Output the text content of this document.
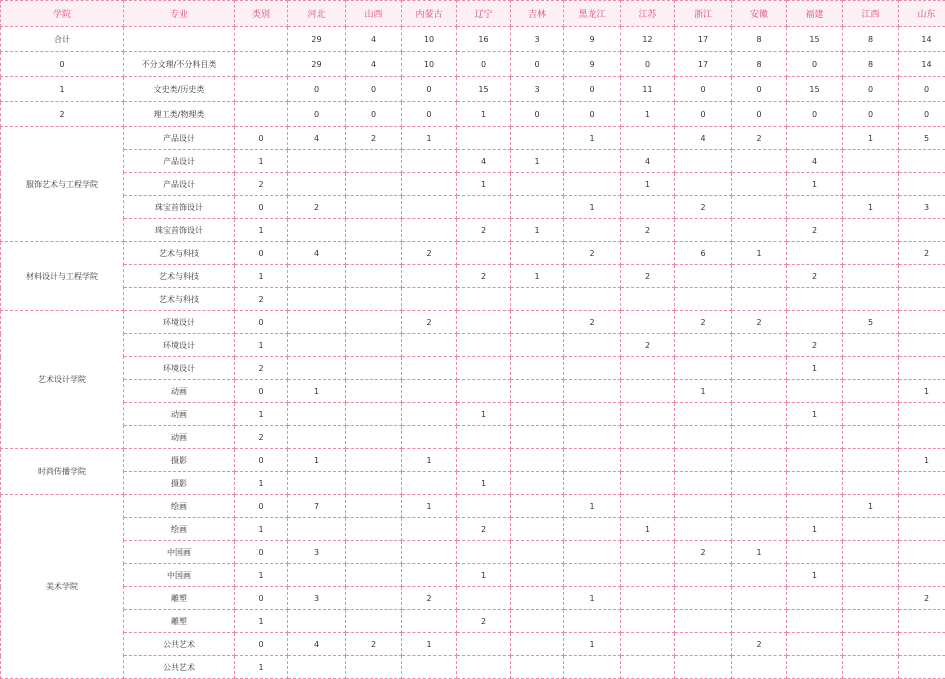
学院	专业	类别	河北	山西	内蒙古	辽宁	吉林	黑龙江	江苏	浙江	安徽	福建	江西	山东
合计			29	4	10	16	3	9	12	17	8	15	8	14
0	不分文理/不分科目类		29	4	10	0	0	9	0	17	8	0	8	14
1	文史类/历史类		0	0	0	15	3	0	11	0	0	15	0	0
2	理工类/物理类		0	0	0	1	0	0	1	0	0	0	0	0
服饰艺术与工程学院	产品设计	0	4	2	1			1		4	2		1	5
	产品设计	1				4	1		4			4		
	产品设计	2				1			1			1		
	珠宝首饰设计	0	2					1		2			1	3
	珠宝首饰设计	1				2	1		2			2		
材料设计与工程学院	艺术与科技	0	4		2			2		6	1			2
	艺术与科技	1				2	1		2			2		
	艺术与科技	2												
艺术设计学院	环境设计	0			2			2		2	2		5	
	环境设计	1							2			2		
	环境设计	2										1		
	动画	0	1							1				1
	动画	1				1						1		
	动画	2												
时尚传播学院	摄影	0	1		1									1
	摄影	1				1								
美术学院	绘画	0	7		1			1					1	
	绘画	1				2			1			1		
	中国画	0	3							2	1			
	中国画	1				1						1		
	雕塑	0	3		2			1						2
	雕塑	1				2								
	公共艺术	0	4	2	1			1			2			
	公共艺术	1												
